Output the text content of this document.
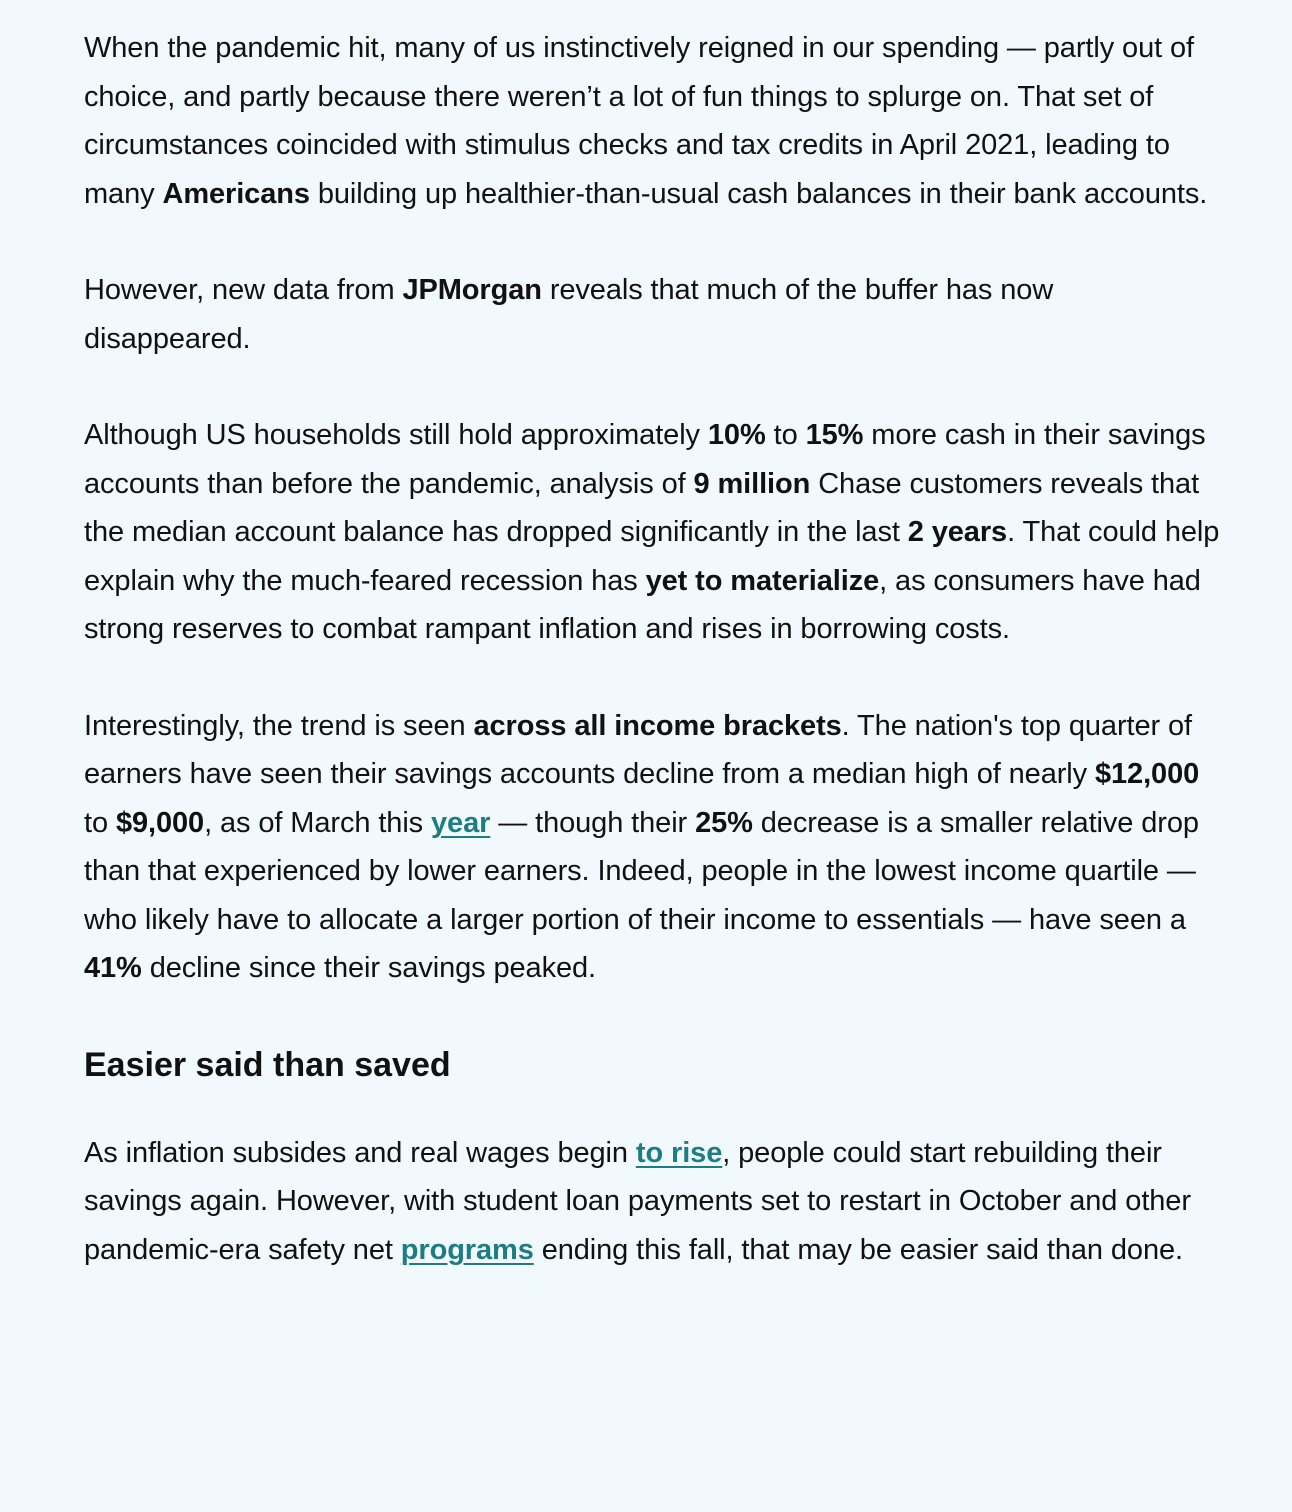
When the pandemic hit, many of us instinctively reigned in our spending — partly out of choice, and partly because there weren’t a lot of fun things to splurge on. That set of circumstances coincided with stimulus checks and tax credits in April 2021, leading to many Americans building up healthier-than-usual cash balances in their bank accounts.

However, new data from JPMorgan reveals that much of the buffer has now disappeared.

Although US households still hold approximately 10% to 15% more cash in their savings accounts than before the pandemic, analysis of 9 million Chase customers reveals that the median account balance has dropped significantly in the last 2 years. That could help explain why the much-feared recession has yet to materialize, as consumers have had strong reserves to combat rampant inflation and rises in borrowing costs.

Interestingly, the trend is seen across all income brackets. The nation's top quarter of earners have seen their savings accounts decline from a median high of nearly $12,000 to $9,000, as of March this year — though their 25% decrease is a smaller relative drop than that experienced by lower earners. Indeed, people in the lowest income quartile — who likely have to allocate a larger portion of their income to essentials — have seen a 41% decline since their savings peaked.

Easier said than saved

As inflation subsides and real wages begin to rise, people could start rebuilding their savings again. However, with student loan payments set to restart in October and other pandemic-era safety net programs ending this fall, that may be easier said than done.
